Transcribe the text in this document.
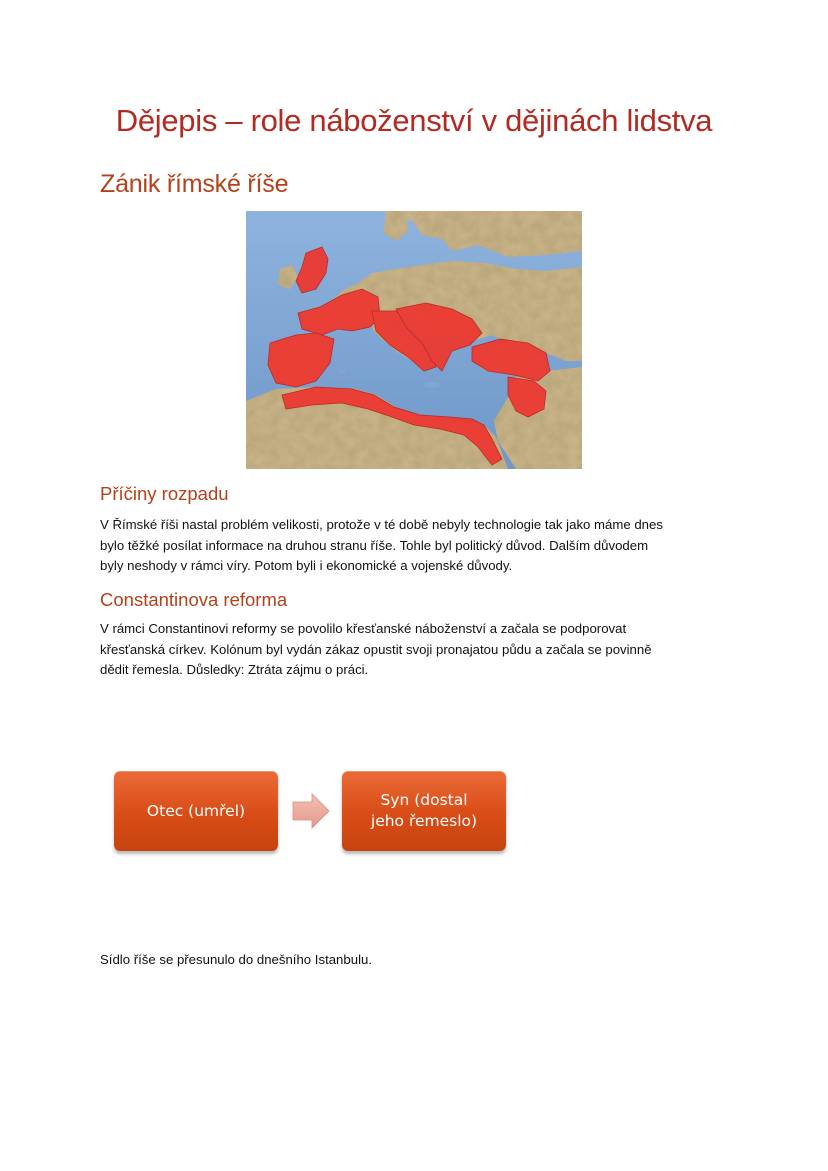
Dějepis – role náboženství v dějinách lidstva
Zánik římské říše
Příčiny rozpadu

V Římské říši nastal problém velikosti, protože v té době nebyly technologie tak jako máme dnes
bylo těžké posílat informace na druhou stranu říše. Tohle byl politický důvod. Dalším důvodem
byly neshody v rámci víry. Potom byli i ekonomické a vojenské důvody.

Constantinova reforma

V rámci Constantinovi reformy se povolilo křesťanské náboženství a začala se podporovat
křesťanská církev. Kolónum byl vydán zákaz opustit svoji pronajatou půdu a začala se povinně
dědit řemesla. Důsledky: Ztráta zájmu o práci.

Otec (umřel)
Syn (dostal
jeho řemeslo)

Sídlo říše se přesunulo do dnešního Istanbulu.
